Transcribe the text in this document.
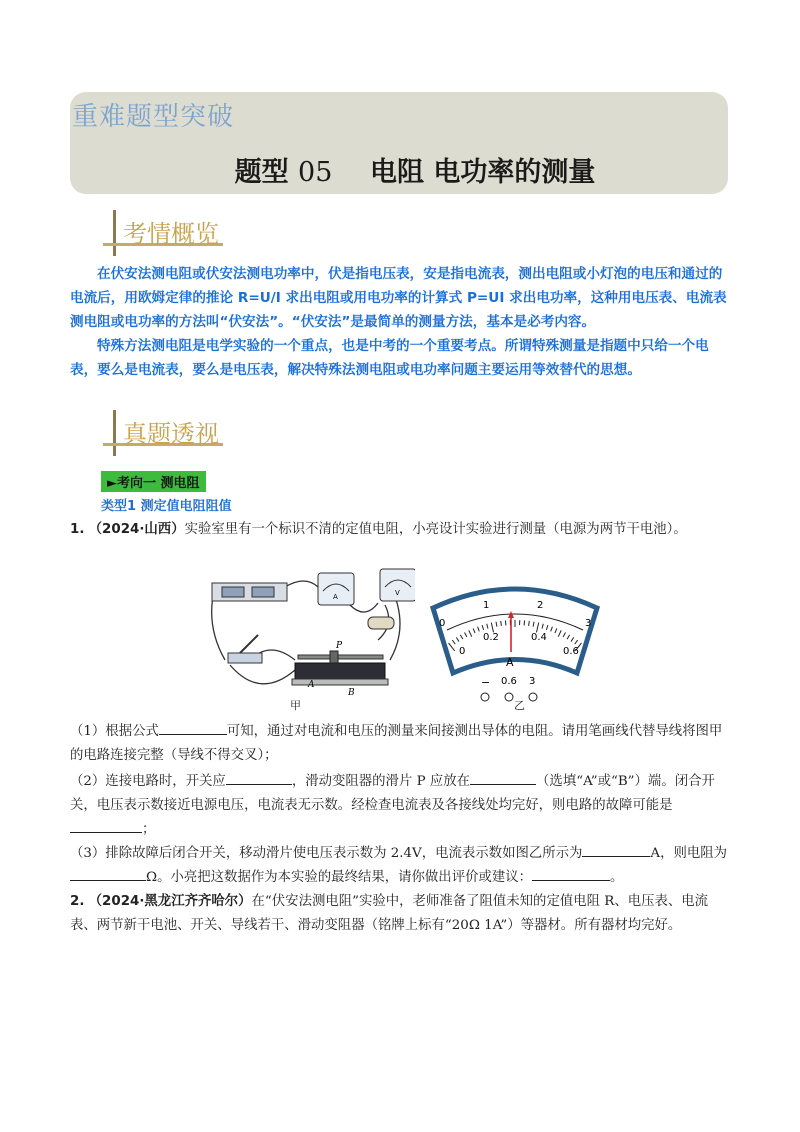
重难题型突破
题型 05 电阻 电功率的测量
考情概览
在伏安法测电阻或伏安法测电功率中，伏是指电压表，安是指电流表，测出电阻或小灯泡的电压和通过的电流后，用欧姆定律的推论 R=U/I 求出电阻或用电功率的计算式 P=UI 求出电功率，这种用电压表、电流表测电阻或电功率的方法叫“伏安法”。“伏安法”是最简单的测量方法，基本是必考内容。
特殊方法测电阻是电学实验的一个重点，也是中考的一个重要考点。所谓特殊测量是指题中只给一个电表，要么是电流表，要么是电压表，解决特殊法测电阻或电功率问题主要运用等效替代的思想。
真题透视
►考向一 测电阻
类型1 测定值电阻阻值
1. （2024·山西）实验室里有一个标识不清的定值电阻，小亮设计实验进行测量（电源为两节干电池）。
A	V
P
A
B
甲
0
1	2
3
0
0.2	0.4
0.6
A
− 0.6 3
乙
（1）根据公式	可知，通过对电流和电压的测量来间接测出导体的电阻。请用笔画线代替导线将图甲的电路连接完整（导线不得交叉）；
（2）连接电路时，开关应	，滑动变阻器的滑片 P 应放在	（选填“A”或“B”）端。闭合开关，电压表示数接近电源电压，电流表无示数。经检查电流表及各接线处均完好，则电路的故障可能是；
（3）排除故障后闭合开关，移动滑片使电压表示数为 2.4V，电流表示数如图乙所示为	A，则电阻为Ω。小亮把这数据作为本实验的最终结果，请你做出评价或建议：	。
2. （2024·黑龙江齐齐哈尔）在“伏安法测电阻”实验中，老师准备了阻值未知的定值电阻 R、电压表、电流表、两节新干电池、开关、导线若干、滑动变阻器（铭牌上标有“20Ω 1A”）等器材。所有器材均完好。
